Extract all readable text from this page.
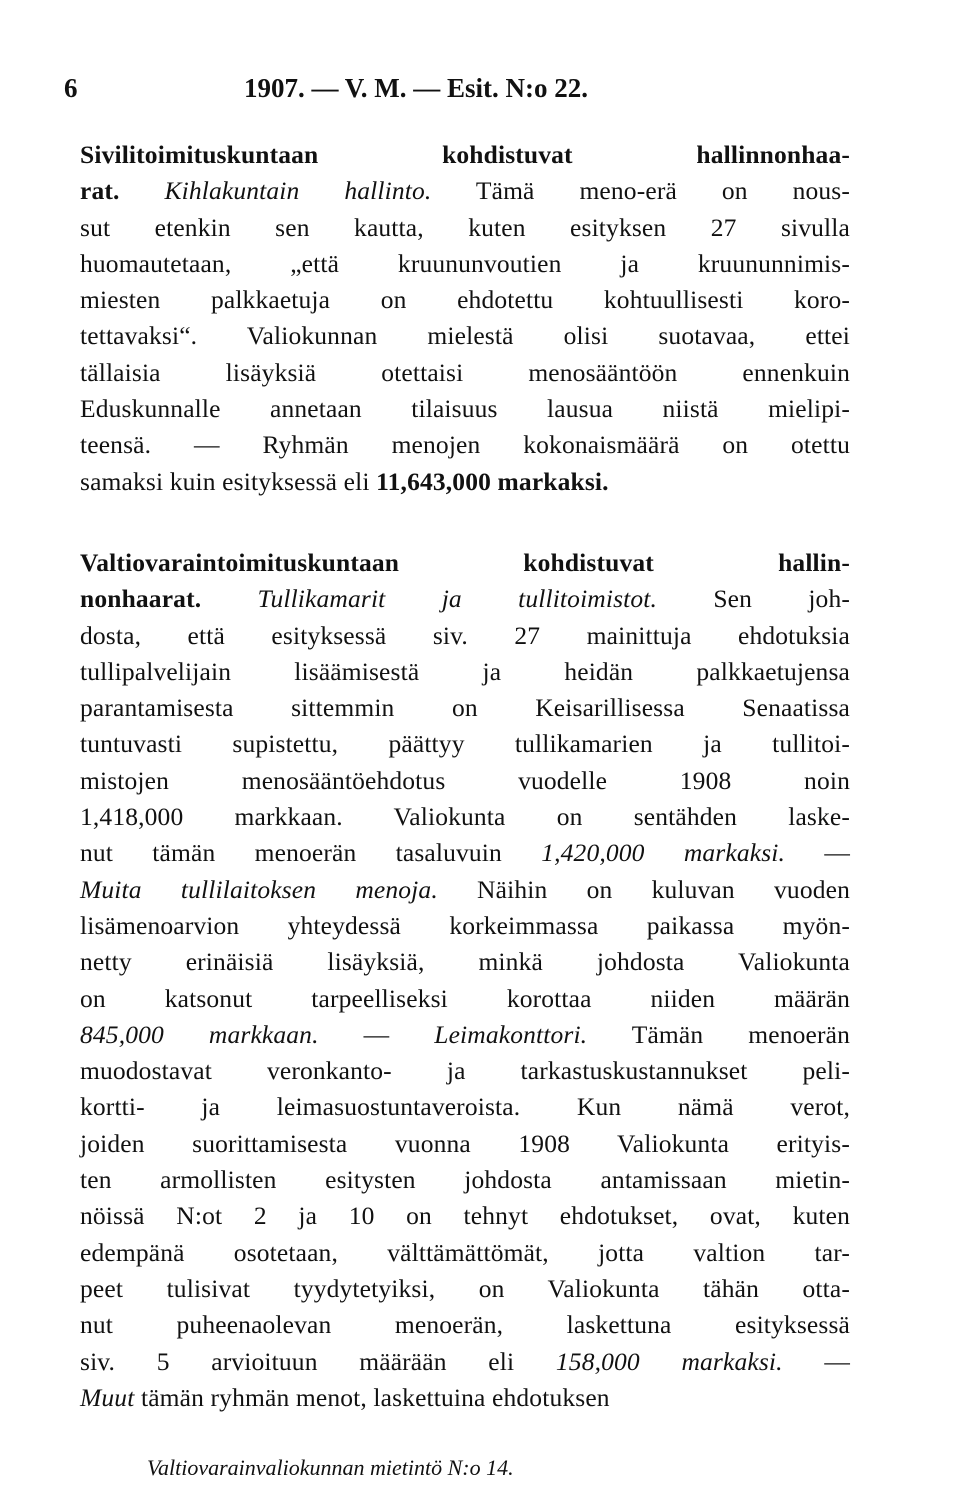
6	1907. — V. M. — Esit. N:o 22.
Sivilitoimituskuntaan kohdistuvat hallinnonhaa-
rat. Kihlakuntain hallinto. Tämä meno-erä on nous-
sut etenkin sen kautta, kuten esityksen 27 sivulla
huomautetaan, „että kruununvoutien ja kruununnimis-
miesten palkkaetuja on ehdotettu kohtuullisesti koro-
tettavaksi“. Valiokunnan mielestä olisi suotavaa, ettei
tällaisia lisäyksiä otettaisi menosääntöön ennenkuin
Eduskunnalle annetaan tilaisuus lausua niistä mielipi-
teensä. — Ryhmän menojen kokonaismäärä on otettu
samaksi kuin esityksessä eli 11,643,000 markaksi.
Valtiovaraintoimituskuntaan kohdistuvat hallin-
nonhaarat. Tullikamarit ja tullitoimistot. Sen joh-
dosta, että esityksessä siv. 27 mainittuja ehdotuksia
tullipalvelijain lisäämisestä ja heidän palkkaetujensa
parantamisesta sittemmin on Keisarillisessa Senaatissa
tuntuvasti supistettu, päättyy tullikamarien ja tullitoi-
mistojen menosääntöehdotus vuodelle 1908 noin
1,418,000 markkaan. Valiokunta on sentähden laske-
nut tämän menoerän tasaluvuin 1,420,000 markaksi. —
Muita tullilaitoksen menoja. Näihin on kuluvan vuoden
lisämenoarvion yhteydessä korkeimmassa paikassa myön-
netty erinäisiä lisäyksiä, minkä johdosta Valiokunta
on katsonut tarpeelliseksi korottaa niiden määrän
845,000 markkaan. — Leimakonttori. Tämän menoerän
muodostavat veronkanto- ja tarkastuskustannukset peli-
kortti- ja leimasuostuntaveroista. Kun nämä verot,
joiden suorittamisesta vuonna 1908 Valiokunta erityis-
ten armollisten esitysten johdosta antamissaan mietin-
nöissä N:ot 2 ja 10 on tehnyt ehdotukset, ovat, kuten
edempänä osotetaan, välttämättömät, jotta valtion tar-
peet tulisivat tyydytetyiksi, on Valiokunta tähän otta-
nut puheenaolevan menoerän, laskettuna esityksessä
siv. 5 arvioituun määrään eli 158,000 markaksi. —
Muut tämän ryhmän menot, laskettuina ehdotuksen
Valtiovarainvaliokunnan mietintö N:o 14.
